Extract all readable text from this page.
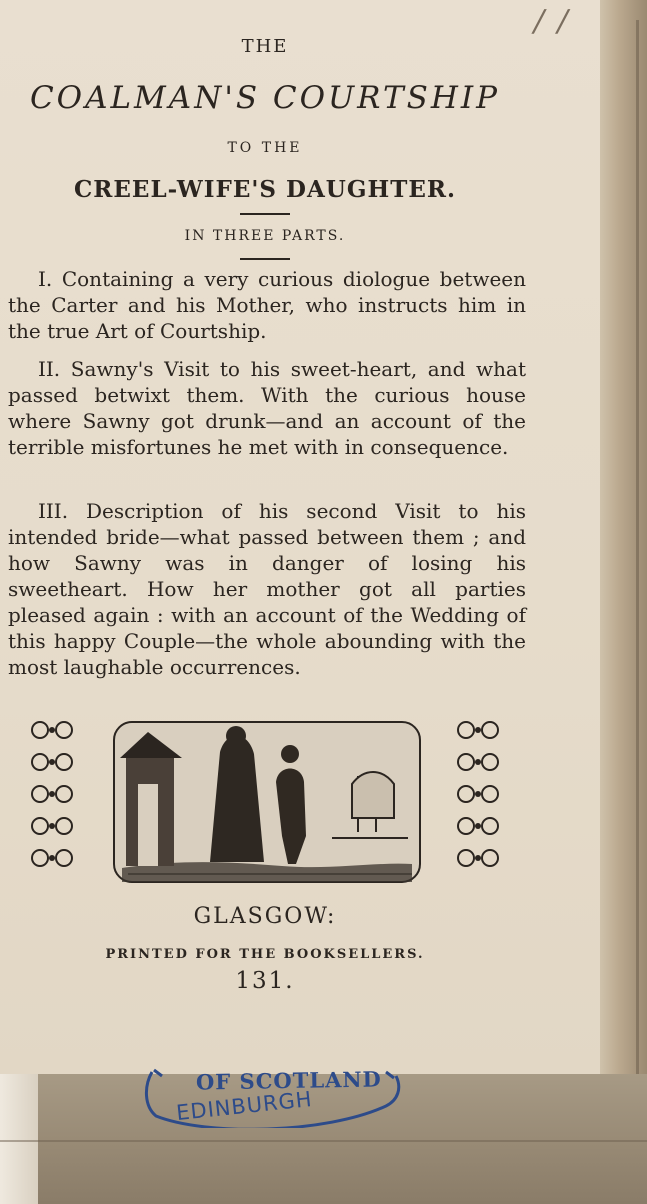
/ /
THE
COALMAN'S COURTSHIP
TO THE
CREEL-WIFE'S DAUGHTER.
IN THREE PARTS.

I. Containing a very curious diologue between the Carter and his Mother, who instructs him in the true Art of Courtship.

II. Sawny's Visit to his sweet-heart, and what passed betwixt them. With the curious house where Sawny got drunk—and an account of the terrible misfortunes he met with in consequence.

III. Description of his second Visit to his intended bride—what passed between them ; and how Sawny was in danger of losing his sweetheart. How her mother got all parties pleased again : with an account of the Wedding of this happy Couple—the whole abounding with the most laughable occurrences.

GLASGOW:
PRINTED FOR THE BOOKSELLERS.
131.
OF SCOTLAND
EDINBURGH
